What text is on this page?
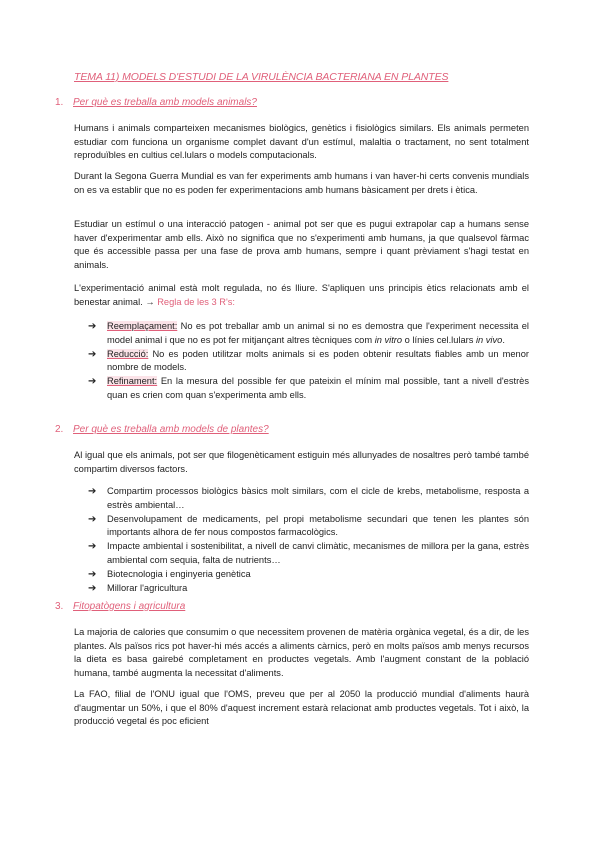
TEMA 11) MODELS D'ESTUDI DE LA VIRULÈNCIA BACTERIANA EN PLANTES
1. Per què es treballa amb models animals?
Humans i animals comparteixen mecanismes biològics, genètics i fisiològics similars. Els animals permeten estudiar com funciona un organisme complet davant d'un estímul, malaltia o tractament, no sent totalment reproduïbles en cultius cel.lulars o models computacionals.
Durant la Segona Guerra Mundial es van fer experiments amb humans i van haver-hi certs convenis mundials on es va establir que no es poden fer experimentacions amb humans bàsicament per drets i ètica.
Estudiar un estímul o una interacció patogen - animal pot ser que es pugui extrapolar cap a humans sense haver d'experimentar amb ells. Això no significa que no s'experimenti amb humans, ja que qualsevol fàrmac que és accessible passa per una fase de prova amb humans, sempre i quant prèviament s'hagi testat en animals.
L'experimentació animal està molt regulada, no és lliure. S'apliquen uns principis ètics relacionats amb el benestar animal. → Regla de les 3 R's:
➔ Reemplaçament: No es pot treballar amb un animal si no es demostra que l'experiment necessita el model animal i que no es pot fer mitjançant altres tècniques com in vitro o línies cel.lulars in vivo.
➔ Reducció: No es poden utilitzar molts animals si es poden obtenir resultats fiables amb un menor nombre de models.
➔ Refinament: En la mesura del possible fer que pateixin el mínim mal possible, tant a nivell d'estrès quan es crien com quan s'experimenta amb ells.
2. Per què es treballa amb models de plantes?
Al igual que els animals, pot ser que filogenèticament estiguin més allunyades de nosaltres però també també compartim diversos factors.
➔ Compartim processos biològics bàsics molt similars, com el cicle de krebs, metabolisme, resposta a estrès ambiental…
➔ Desenvolupament de medicaments, pel propi metabolisme secundari que tenen les plantes són importants alhora de fer nous compostos farmacològics.
➔ Impacte ambiental i sostenibilitat, a nivell de canvi climàtic, mecanismes de millora per la gana, estrès ambiental com sequia, falta de nutrients…
➔ Biotecnologia i enginyeria genètica
➔ Millorar l'agricultura
3. Fitopatògens i agricultura
La majoria de calories que consumim o que necessitem provenen de matèria orgànica vegetal, és a dir, de les plantes. Als països rics pot haver-hi més accés a aliments càrnics, però en molts països amb menys recursos la dieta es basa gairebé completament en productes vegetals. Amb l'augment constant de la població humana, també augmenta la necessitat d'aliments.
La FAO, filial de l'ONU igual que l'OMS, preveu que per al 2050 la producció mundial d'aliments haurà d'augmentar un 50%, i que el 80% d'aquest increment estarà relacionat amb productes vegetals. Tot i això, la producció vegetal és poc eficient
